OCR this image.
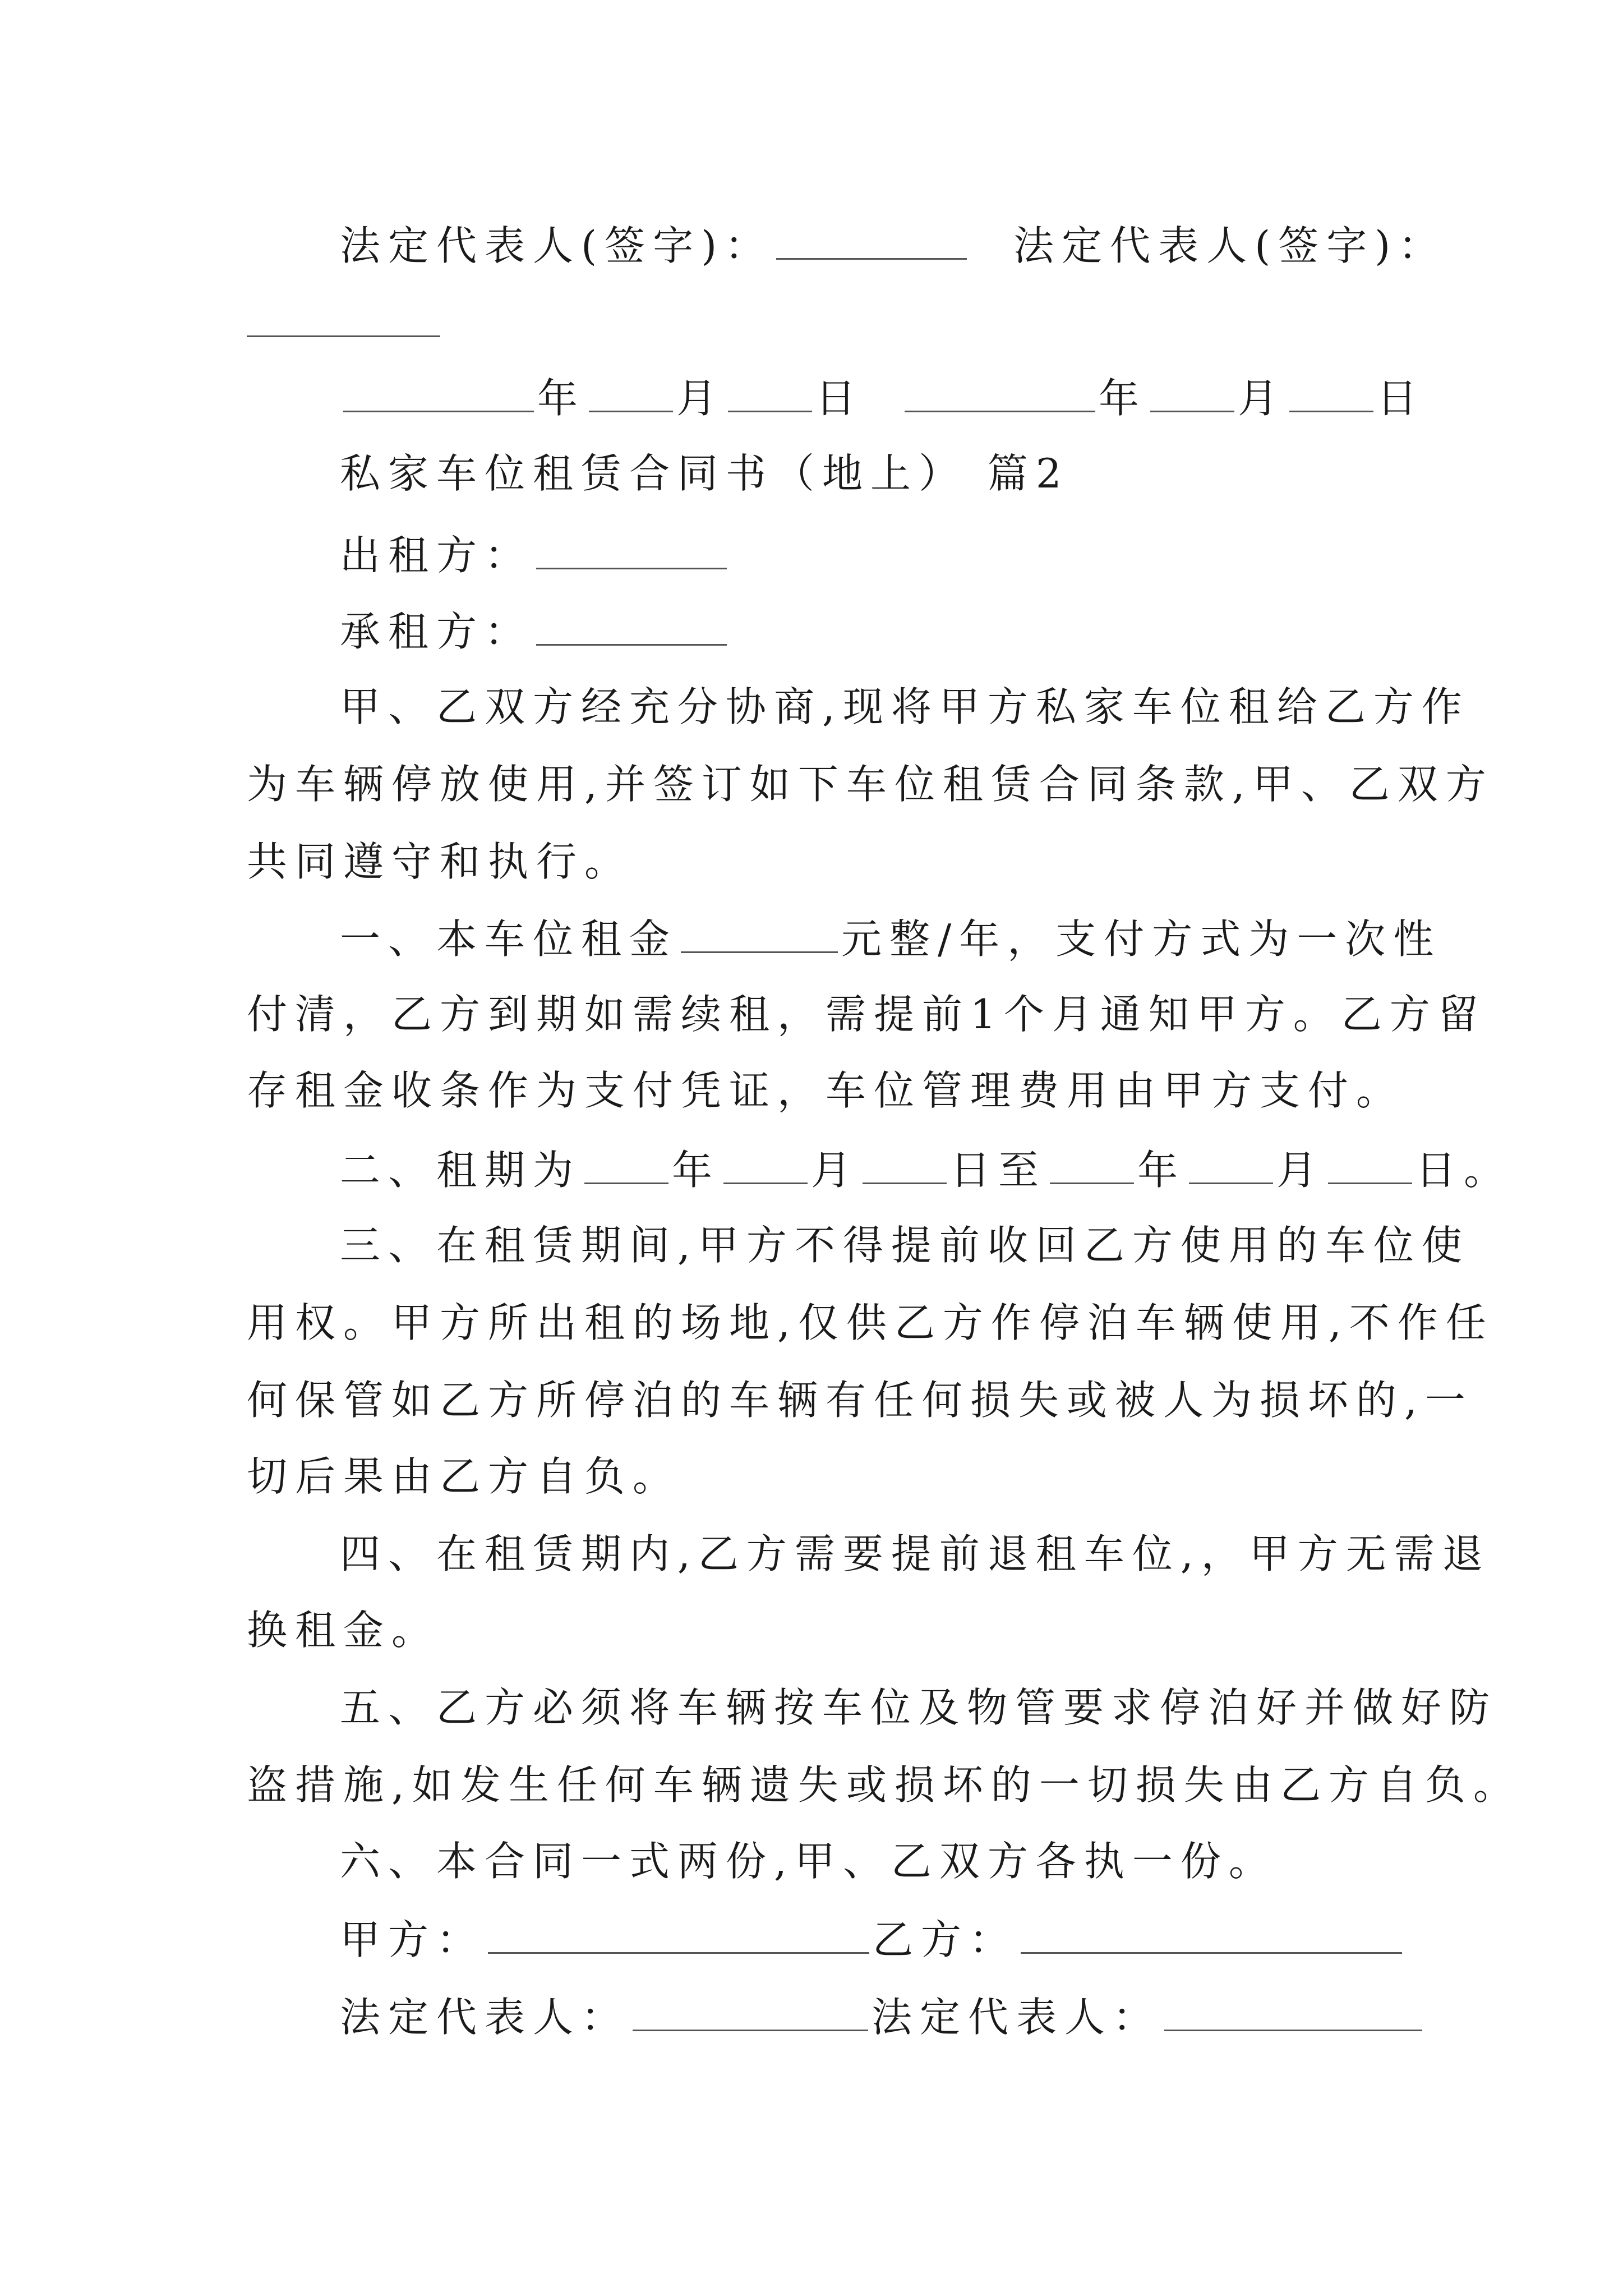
法定代表人(签字)：	法定代表人(签字)：
年 月 日	年 月 日
私家车位租赁合同书（地上） 篇2
出租方：
承租方：
甲、乙双方经充分协商,现将甲方私家车位租给乙方作
为车辆停放使用,并签订如下车位租赁合同条款,甲、乙双方
共同遵守和执行。
一、本车位租金	元整/年，支付方式为一次性
付清，乙方到期如需续租，需提前1个月通知甲方。乙方留
存租金收条作为支付凭证，车位管理费用由甲方支付。
二、租期为 年 月 日至 年 月 日。
三、在租赁期间,甲方不得提前收回乙方使用的车位使
用权。甲方所出租的场地,仅供乙方作停泊车辆使用,不作任
何保管如乙方所停泊的车辆有任何损失或被人为损坏的,一
切后果由乙方自负。
四、在租赁期内,乙方需要提前退租车位,，甲方无需退
换租金。
五、乙方必须将车辆按车位及物管要求停泊好并做好防
盗措施,如发生任何车辆遗失或损坏的一切损失由乙方自负。
六、本合同一式两份,甲、乙双方各执一份。
甲方：	乙方：
法定代表人：	法定代表人：
